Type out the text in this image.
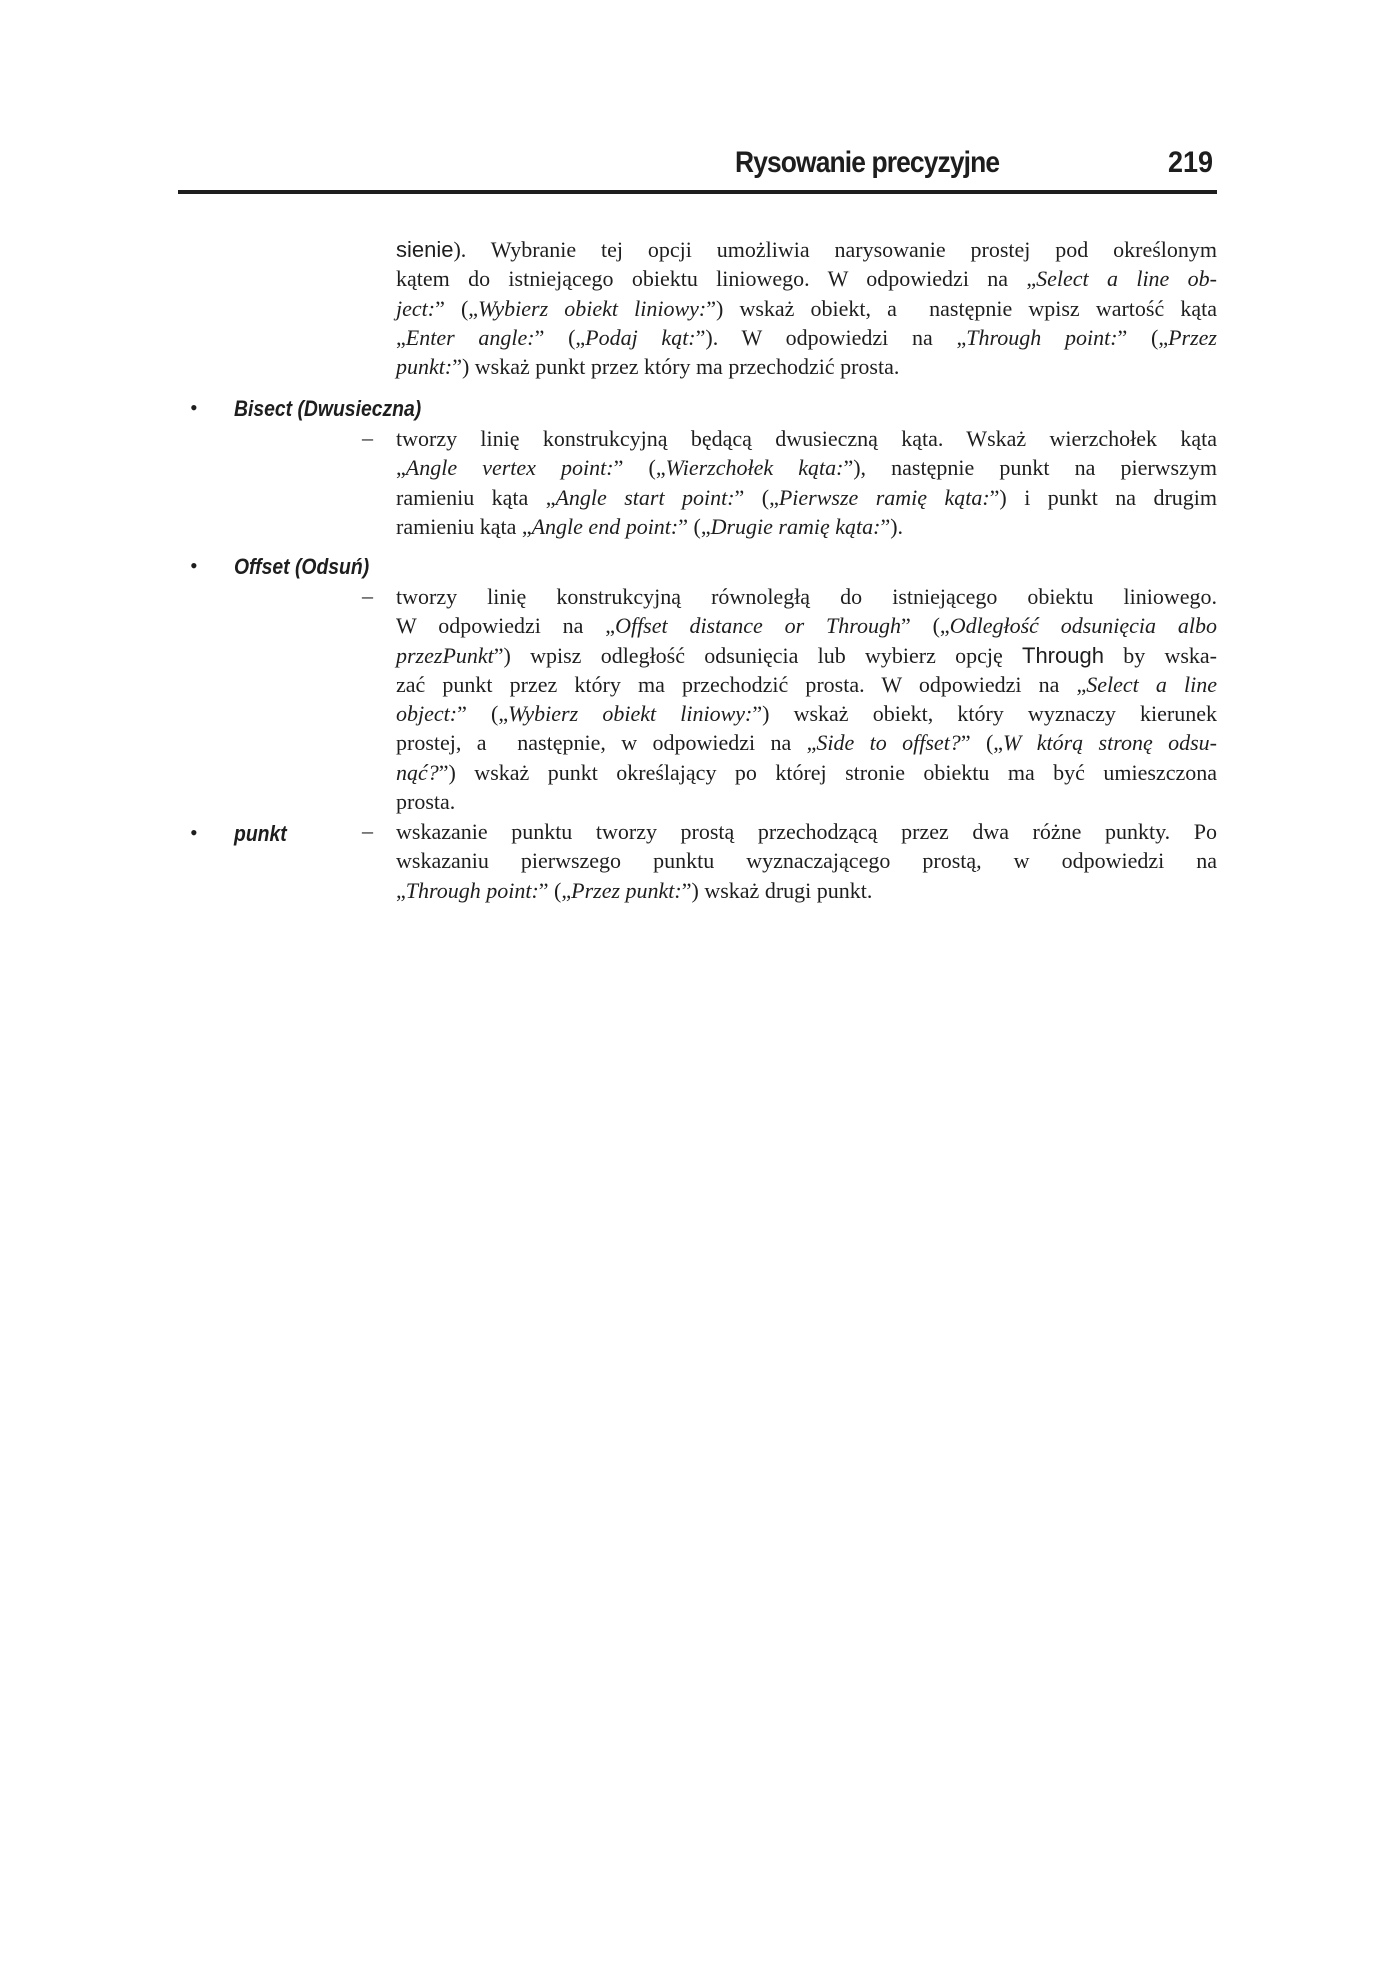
Rysowanie precyzyjne	219
sienie). Wybranie tej opcji umożliwia narysowanie prostej pod określonym
kątem do istniejącego obiektu liniowego. W odpowiedzi na „Select a line ob-
ject:” („Wybierz obiekt liniowy:”) wskaż obiekt, a  następnie wpisz wartość kąta
„Enter angle:” („Podaj kąt:”). W odpowiedzi na „Through point:” („Przez
punkt:”) wskaż punkt przez który ma przechodzić prosta.
• Bisect (Dwusieczna)
– tworzy linię konstrukcyjną będącą dwusieczną kąta. Wskaż wierzchołek kąta
„Angle vertex point:” („Wierzchołek kąta:”), następnie punkt na pierwszym
ramieniu kąta „Angle start point:” („Pierwsze ramię kąta:”) i punkt na drugim
ramieniu kąta „Angle end point:” („Drugie ramię kąta:”).
• Offset (Odsuń)
– tworzy linię konstrukcyjną równoległą do istniejącego obiektu liniowego.
W odpowiedzi na „Offset distance or Through” („Odległość odsunięcia albo
przezPunkt”) wpisz odległość odsunięcia lub wybierz opcję Through by wska-
zać punkt przez który ma przechodzić prosta. W odpowiedzi na „Select a line
object:” („Wybierz obiekt liniowy:”) wskaż obiekt, który wyznaczy kierunek
prostej, a  następnie, w odpowiedzi na „Side to offset?” („W którą stronę odsu-
nąć?”) wskaż punkt określający po której stronie obiektu ma być umieszczona
prosta.
• punkt	– wskazanie punktu tworzy prostą przechodzącą przez dwa różne punkty. Po
wskazaniu pierwszego punktu wyznaczającego prostą, w odpowiedzi na
„Through point:” („Przez punkt:”) wskaż drugi punkt.
